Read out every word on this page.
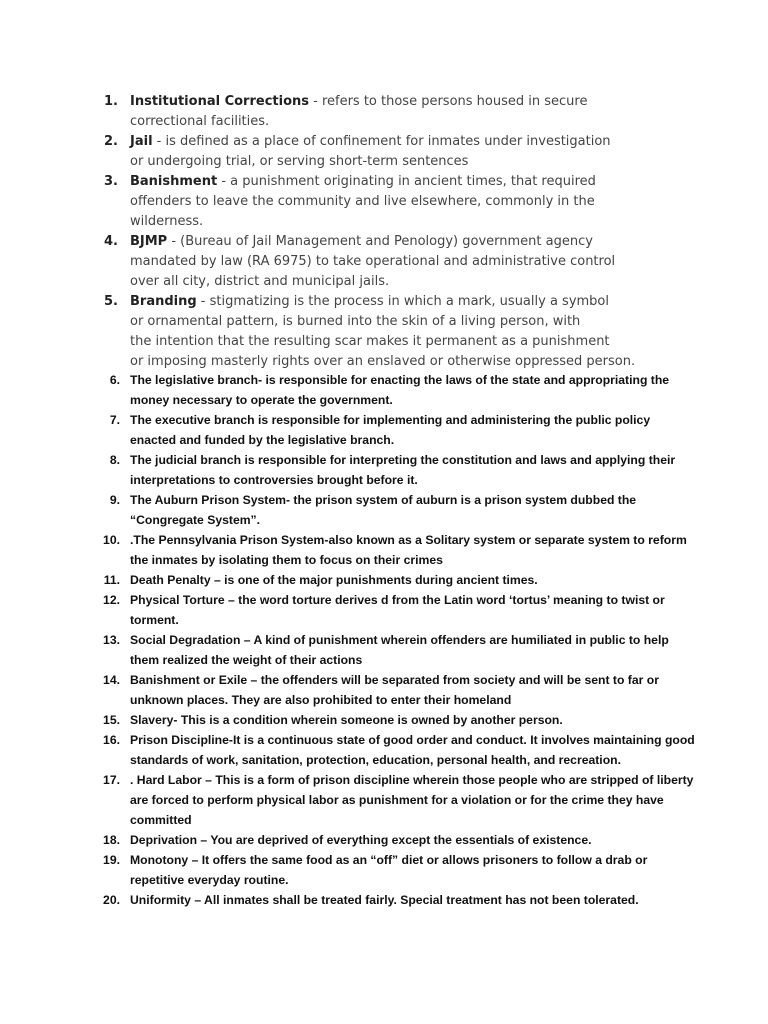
1. Institutional Corrections - refers to those persons housed in secure
correctional facilities.
2. Jail - is defined as a place of confinement for inmates under investigation
or undergoing trial, or serving short-term sentences
3. Banishment - a punishment originating in ancient times, that required
offenders to leave the community and live elsewhere, commonly in the
wilderness.
4. BJMP - (Bureau of Jail Management and Penology) government agency
mandated by law (RA 6975) to take operational and administrative control
over all city, district and municipal jails.
5. Branding - stigmatizing is the process in which a mark, usually a symbol
or ornamental pattern, is burned into the skin of a living person, with
the intention that the resulting scar makes it permanent as a punishment
or imposing masterly rights over an enslaved or otherwise oppressed person.
6. The legislative branch- is responsible for enacting the laws of the state and appropriating the
money necessary to operate the government.
7. The executive branch is responsible for implementing and administering the public policy
enacted and funded by the legislative branch.
8. The judicial branch is responsible for interpreting the constitution and laws and applying their
interpretations to controversies brought before it.
9. The Auburn Prison System- the prison system of auburn is a prison system dubbed the
“Congregate System”.
10. .The Pennsylvania Prison System-also known as a Solitary system or separate system to reform
the inmates by isolating them to focus on their crimes
11. Death Penalty – is one of the major punishments during ancient times.
12. Physical Torture – the word torture derives d from the Latin word ‘tortus’ meaning to twist or
torment.
13. Social Degradation – A kind of punishment wherein offenders are humiliated in public to help
them realized the weight of their actions
14. Banishment or Exile – the offenders will be separated from society and will be sent to far or
unknown places. They are also prohibited to enter their homeland
15. Slavery- This is a condition wherein someone is owned by another person.
16. Prison Discipline-It is a continuous state of good order and conduct. It involves maintaining good
standards of work, sanitation, protection, education, personal health, and recreation.
17. . Hard Labor – This is a form of prison discipline wherein those people who are stripped of liberty
are forced to perform physical labor as punishment for a violation or for the crime they have
committed
18. Deprivation – You are deprived of everything except the essentials of existence.
19. Monotony – It offers the same food as an “off” diet or allows prisoners to follow a drab or
repetitive everyday routine.
20. Uniformity – All inmates shall be treated fairly. Special treatment has not been tolerated.
